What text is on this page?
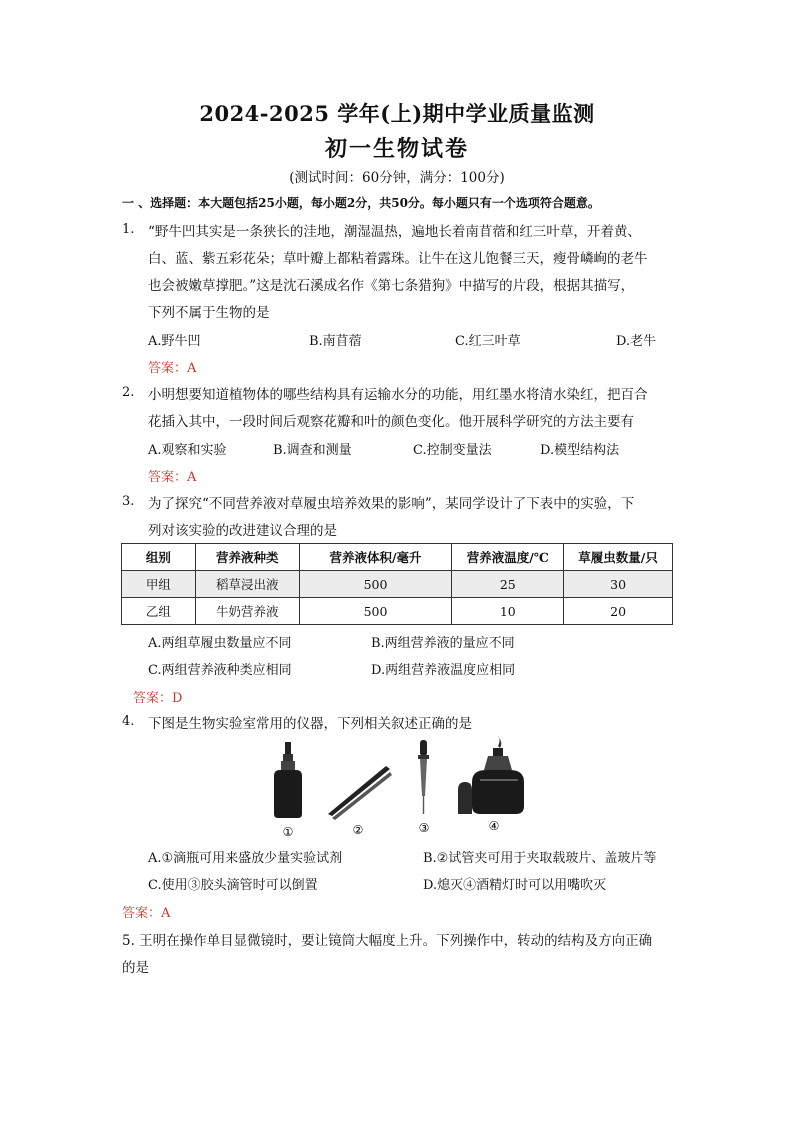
2024-2025 学年(上)期中学业质量监测
初一生物试卷
(测试时间：60分钟，满分：100分)
一 、选择题：本大题包括25小题，每小题2分，共50分。每小题只有一个选项符合题意。
1. “野牛凹其实是一条狭长的洼地，潮湿温热，遍地长着南苜蓿和红三叶草，开着黄、
白、蓝、紫五彩花朵；草叶瓣上都粘着露珠。让牛在这儿饱餐三天，瘦骨嶙峋的老牛
也会被嫩草撑肥。”这是沈石溪成名作《第七条猎狗》中描写的片段，根据其描写，
下列不属于生物的是
A.野牛凹	B.南苜蓿	C.红三叶草	D.老牛
答案：A
2. 小明想要知道植物体的哪些结构具有运输水分的功能，用红墨水将清水染红，把百合
花插入其中，一段时间后观察花瓣和叶的颜色变化。他开展科学研究的方法主要有
A.观察和实验	B.调查和测量	C.控制变量法	D.模型结构法
答案：A
3. 为了探究“不同营养液对草履虫培养效果的影响”，某同学设计了下表中的实验，下
列对该实验的改进建议合理的是
组别	营养液种类	营养液体积/毫升	营养液温度/℃	草履虫数量/只
甲组	稻草浸出液	500	25	30
乙组	牛奶营养液	500	10	20
A.两组草履虫数量应不同	B.两组营养液的量应不同
C.两组营养液种类应相同	D.两组营养液温度应相同
答案：D
4. 下图是生物实验室常用的仪器，下列相关叙述正确的是
①	②	③	④
A.①滴瓶可用来盛放少量实验试剂	B.②试管夹可用于夹取载玻片、盖玻片等
C.使用③胶头滴管时可以倒置	D.熄灭④酒精灯时可以用嘴吹灭
答案：A
5. 王明在操作单目显微镜时，要让镜筒大幅度上升。下列操作中，转动的结构及方向正确
的是
